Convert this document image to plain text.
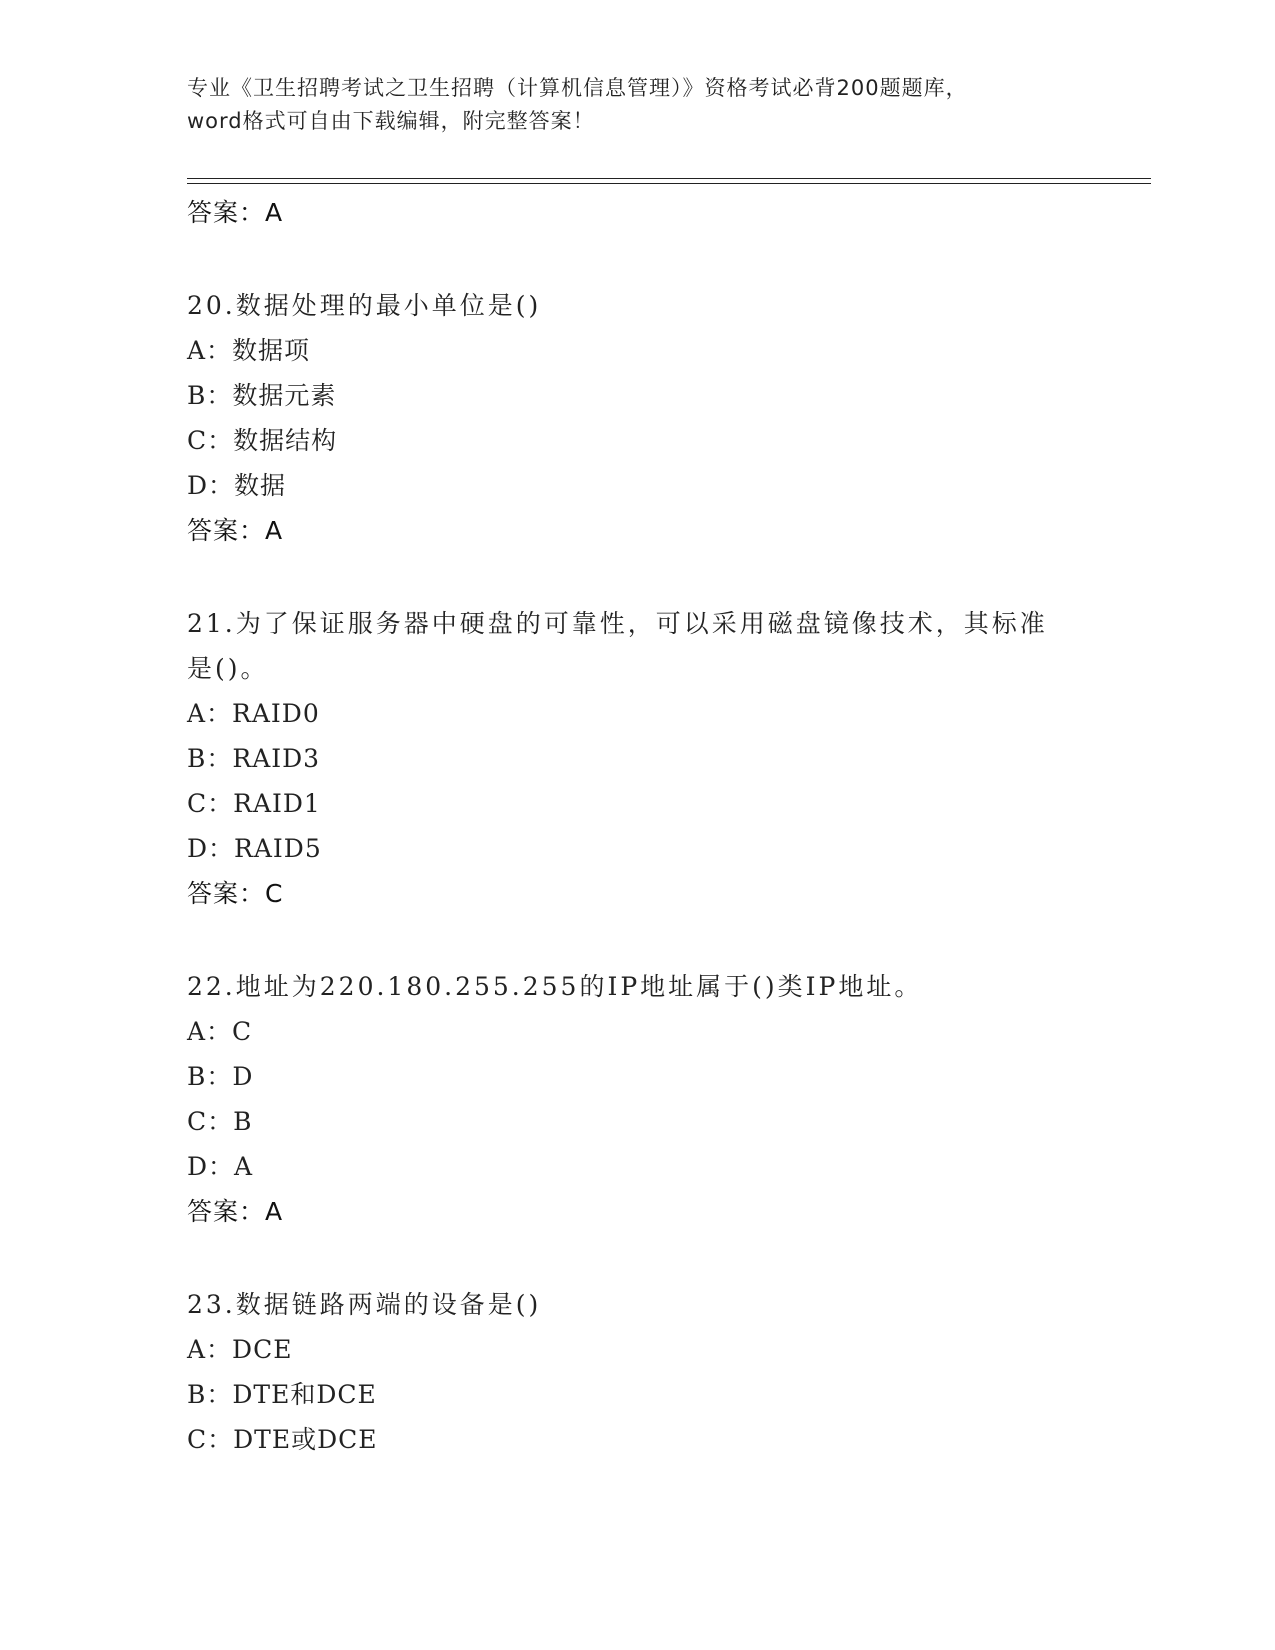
专业《卫生招聘考试之卫生招聘（计算机信息管理）》资格考试必背200题题库，
word格式可自由下载编辑，附完整答案！
答案：A
20.数据处理的最小单位是()
A：数据项
B：数据元素
C：数据结构
D：数据
答案：A
21.为了保证服务器中硬盘的可靠性，可以采用磁盘镜像技术，其标准
是()。
A：RAID0
B：RAID3
C：RAID1
D：RAID5
答案：C
22.地址为220.180.255.255的IP地址属于()类IP地址。
A：C
B：D
C：B
D：A
答案：A
23.数据链路两端的设备是()
A：DCE
B：DTE和DCE
C：DTE或DCE
